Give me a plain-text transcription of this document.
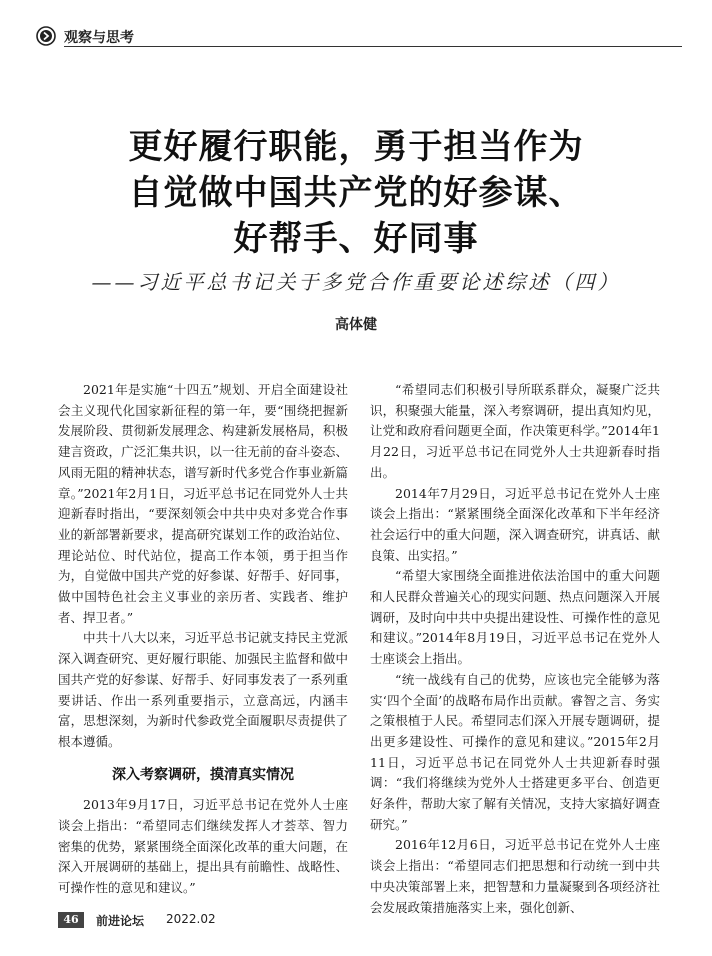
观察与思考
更好履行职能，勇于担当作为
自觉做中国共产党的好参谋、
好帮手、好同事
——习近平总书记关于多党合作重要论述综述（四）
高体健

2021年是实施“十四五”规划、开启全面建设社会主义现代化国家新征程的第一年，要“围绕把握新发展阶段、贯彻新发展理念、构建新发展格局，积极建言资政，广泛汇集共识，以一往无前的奋斗姿态、风雨无阻的精神状态，谱写新时代多党合作事业新篇章。”2021年2月1日，习近平总书记在同党外人士共迎新春时指出，“要深刻领会中共中央对多党合作事业的新部署新要求，提高研究谋划工作的政治站位、理论站位、时代站位，提高工作本领，勇于担当作为，自觉做中国共产党的好参谋、好帮手、好同事，做中国特色社会主义事业的亲历者、实践者、维护者、捍卫者。”

中共十八大以来，习近平总书记就支持民主党派深入调查研究、更好履行职能、加强民主监督和做中国共产党的好参谋、好帮手、好同事发表了一系列重要讲话、作出一系列重要指示，立意高远，内涵丰富，思想深刻，为新时代参政党全面履职尽责提供了根本遵循。

深入考察调研，摸清真实情况

2013年9月17日，习近平总书记在党外人士座谈会上指出：“希望同志们继续发挥人才荟萃、智力密集的优势，紧紧围绕全面深化改革的重大问题，在深入开展调研的基础上，提出具有前瞻性、战略性、可操作性的意见和建议。”

“希望同志们积极引导所联系群众，凝聚广泛共识，积聚强大能量，深入考察调研，提出真知灼见，让党和政府看问题更全面，作决策更科学。”2014年1月22日，习近平总书记在同党外人士共迎新春时指出。

2014年7月29日，习近平总书记在党外人士座谈会上指出：“紧紧围绕全面深化改革和下半年经济社会运行中的重大问题，深入调查研究，讲真话、献良策、出实招。”

“希望大家围绕全面推进依法治国中的重大问题和人民群众普遍关心的现实问题、热点问题深入开展调研，及时向中共中央提出建设性、可操作性的意见和建议。”2014年8月19日，习近平总书记在党外人士座谈会上指出。

“统一战线有自己的优势，应该也完全能够为落实‘四个全面’的战略布局作出贡献。睿智之言、务实之策根植于人民。希望同志们深入开展专题调研，提出更多建设性、可操作的意见和建议。”2015年2月11日，习近平总书记在同党外人士共迎新春时强调：“我们将继续为党外人士搭建更多平台、创造更好条件，帮助大家了解有关情况，支持大家搞好调查研究。”

2016年12月6日，习近平总书记在党外人士座谈会上指出：“希望同志们把思想和行动统一到中共中央决策部署上来，把智慧和力量凝聚到各项经济社会发展政策措施落实上来，强化创新、

46	前进论坛 2022.02
